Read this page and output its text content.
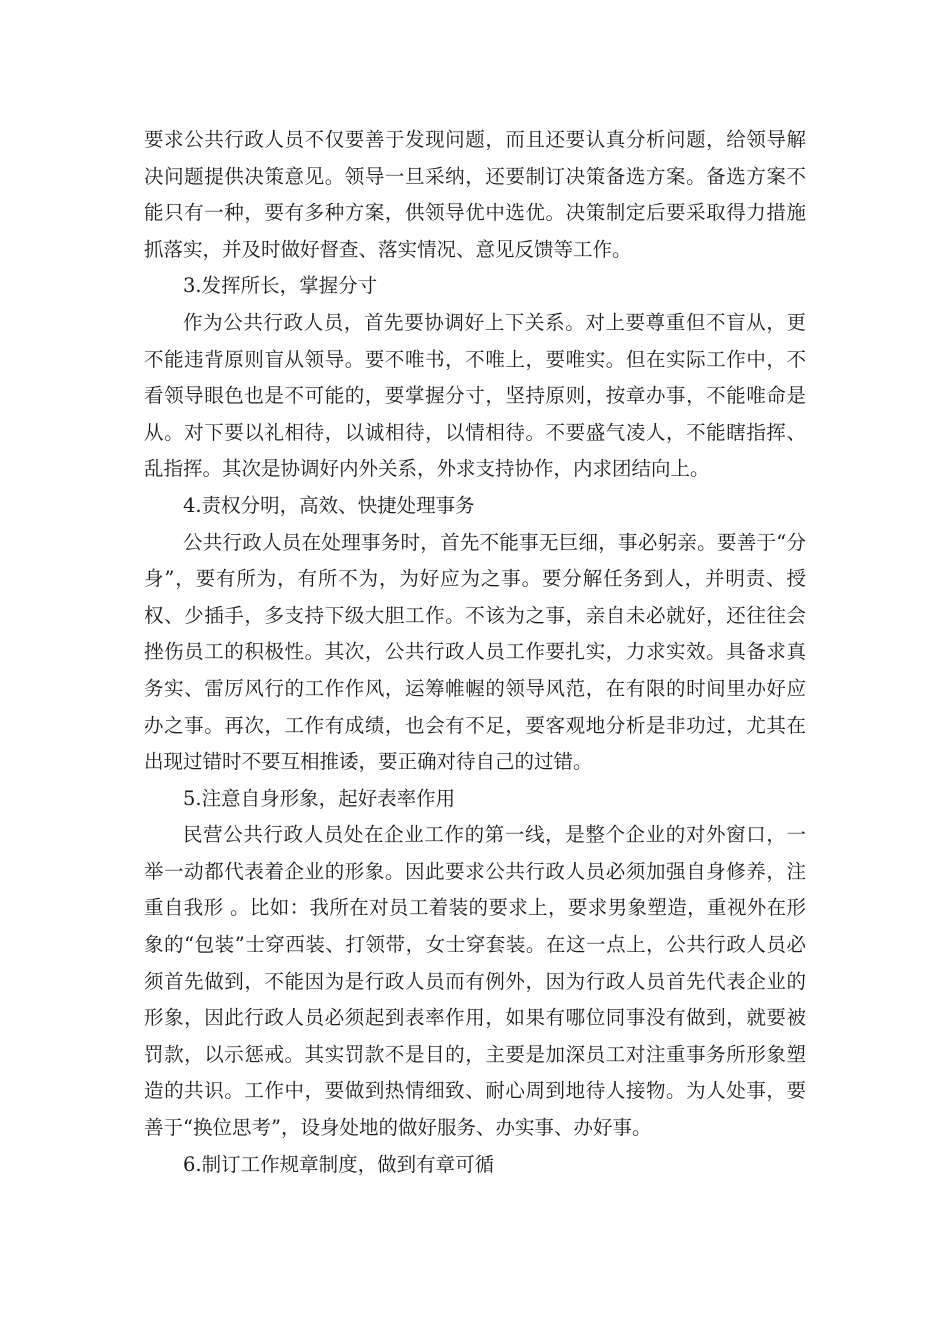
要求公共行政人员不仅要善于发现问题，而且还要认真分析问题，给领导解决问题提供决策意见。领导一旦采纳，还要制订决策备选方案。备选方案不能只有一种，要有多种方案，供领导优中选优。决策制定后要采取得力措施抓落实，并及时做好督查、落实情况、意见反馈等工作。

3.发挥所长，掌握分寸

作为公共行政人员，首先要协调好上下关系。对上要尊重但不盲从，更不能违背原则盲从领导。要不唯书，不唯上，要唯实。但在实际工作中，不看领导眼色也是不可能的，要掌握分寸，坚持原则，按章办事，不能唯命是从。对下要以礼相待，以诚相待，以情相待。不要盛气凌人，不能瞎指挥、乱指挥。其次是协调好内外关系，外求支持协作，内求团结向上。

4.责权分明，高效、快捷处理事务

公共行政人员在处理事务时，首先不能事无巨细，事必躬亲。要善于“分身”，要有所为，有所不为，为好应为之事。要分解任务到人，并明责、授权、少插手，多支持下级大胆工作。不该为之事，亲自未必就好，还往往会挫伤员工的积极性。其次，公共行政人员工作要扎实，力求实效。具备求真务实、雷厉风行的工作作风，运筹帷幄的领导风范，在有限的时间里办好应办之事。再次，工作有成绩，也会有不足，要客观地分析是非功过，尤其在出现过错时不要互相推诿，要正确对待自己的过错。

5.注意自身形象，起好表率作用

民营公共行政人员处在企业工作的第一线，是整个企业的对外窗口，一举一动都代表着企业的形象。因此要求公共行政人员必须加强自身修养，注重自我形 。比如：我所在对员工着装的要求上，要求男象塑造，重视外在形象的“包装”士穿西装、打领带，女士穿套装。在这一点上，公共行政人员必须首先做到，不能因为是行政人员而有例外，因为行政人员首先代表企业的形象，因此行政人员必须起到表率作用，如果有哪位同事没有做到，就要被罚款，以示惩戒。其实罚款不是目的，主要是加深员工对注重事务所形象塑造的共识。工作中，要做到热情细致、耐心周到地待人接物。为人处事，要善于“换位思考”，设身处地的做好服务、办实事、办好事。

6.制订工作规章制度，做到有章可循
